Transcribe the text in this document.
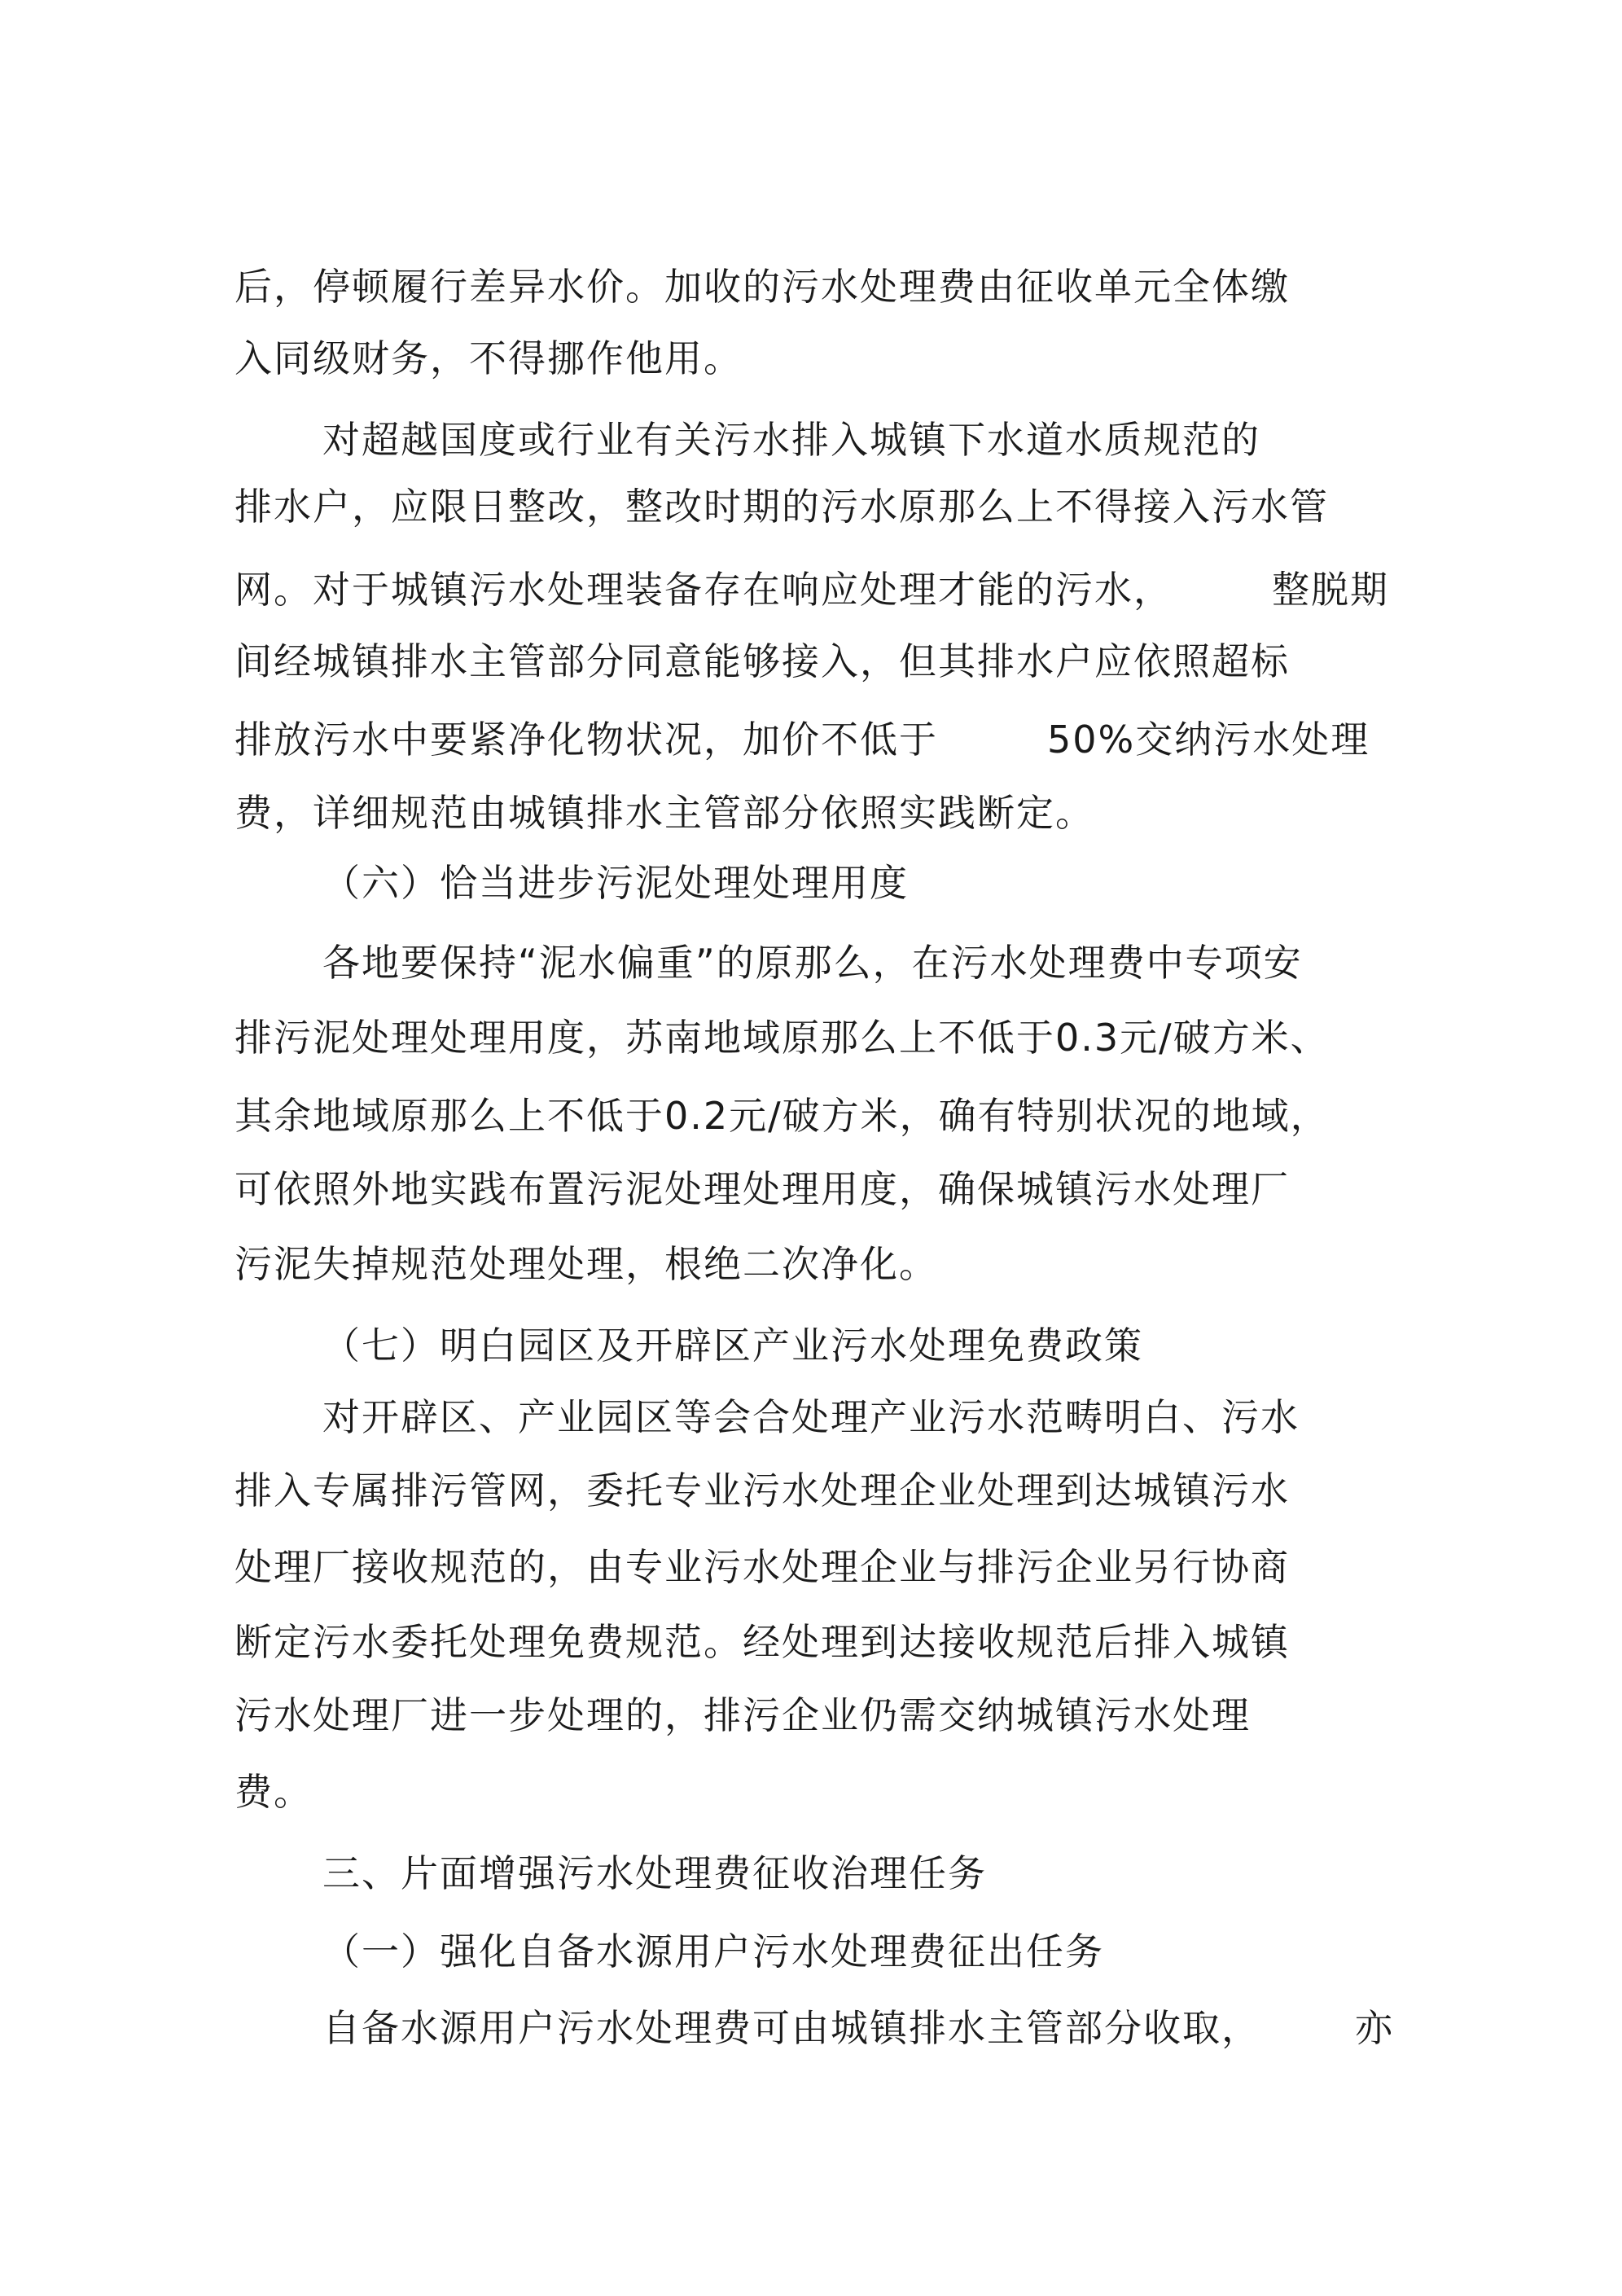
后，停顿履行差异水价。加收的污水处理费由征收单元全体缴
入同级财务，不得挪作他用。
对超越国度或行业有关污水排入城镇下水道水质规范的
排水户，应限日整改，整改时期的污水原那么上不得接入污水管
网。对于城镇污水处理装备存在响应处理才能的污水，	整脱期
间经城镇排水主管部分同意能够接入，但其排水户应依照超标
排放污水中要紧净化物状况，加价不低于	50%交纳污水处理
费，详细规范由城镇排水主管部分依照实践断定。
（六）恰当进步污泥处理处理用度
各地要保持“泥水偏重”的原那么，在污水处理费中专项安
排污泥处理处理用度，苏南地域原那么上不低于0.3元/破方米、
其余地域原那么上不低于0.2元/破方米，确有特别状况的地域，
可依照外地实践布置污泥处理处理用度，确保城镇污水处理厂
污泥失掉规范处理处理，根绝二次净化。
（七）明白园区及开辟区产业污水处理免费政策
对开辟区、产业园区等会合处理产业污水范畴明白、污水
排入专属排污管网，委托专业污水处理企业处理到达城镇污水
处理厂接收规范的，由专业污水处理企业与排污企业另行协商
断定污水委托处理免费规范。经处理到达接收规范后排入城镇
污水处理厂进一步处理的，排污企业仍需交纳城镇污水处理
费。
三、片面增强污水处理费征收治理任务
（一）强化自备水源用户污水处理费征出任务
自备水源用户污水处理费可由城镇排水主管部分收取，	亦
